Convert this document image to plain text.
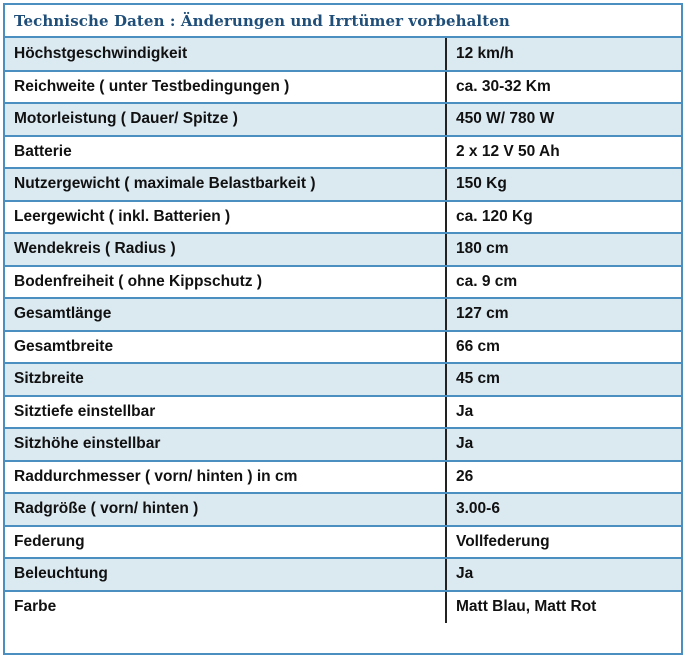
Technische Daten : Änderungen und Irrtümer vorbehalten
Höchstgeschwindigkeit	12 km/h
Reichweite ( unter Testbedingungen )	ca. 30-32 Km
Motorleistung ( Dauer/ Spitze )	450 W/ 780 W
Batterie	2 x 12 V 50 Ah
Nutzergewicht ( maximale Belastbarkeit )	150 Kg
Leergewicht ( inkl. Batterien )	ca. 120 Kg
Wendekreis ( Radius )	180 cm
Bodenfreiheit ( ohne Kippschutz )	ca. 9 cm
Gesamtlänge	127 cm
Gesamtbreite	66 cm
Sitzbreite	45 cm
Sitztiefe einstellbar	Ja
Sitzhöhe einstellbar	Ja
Raddurchmesser ( vorn/ hinten ) in cm	26
Radgröße ( vorn/ hinten )	3.00-6
Federung	Vollfederung
Beleuchtung	Ja
Farbe	Matt Blau, Matt Rot
